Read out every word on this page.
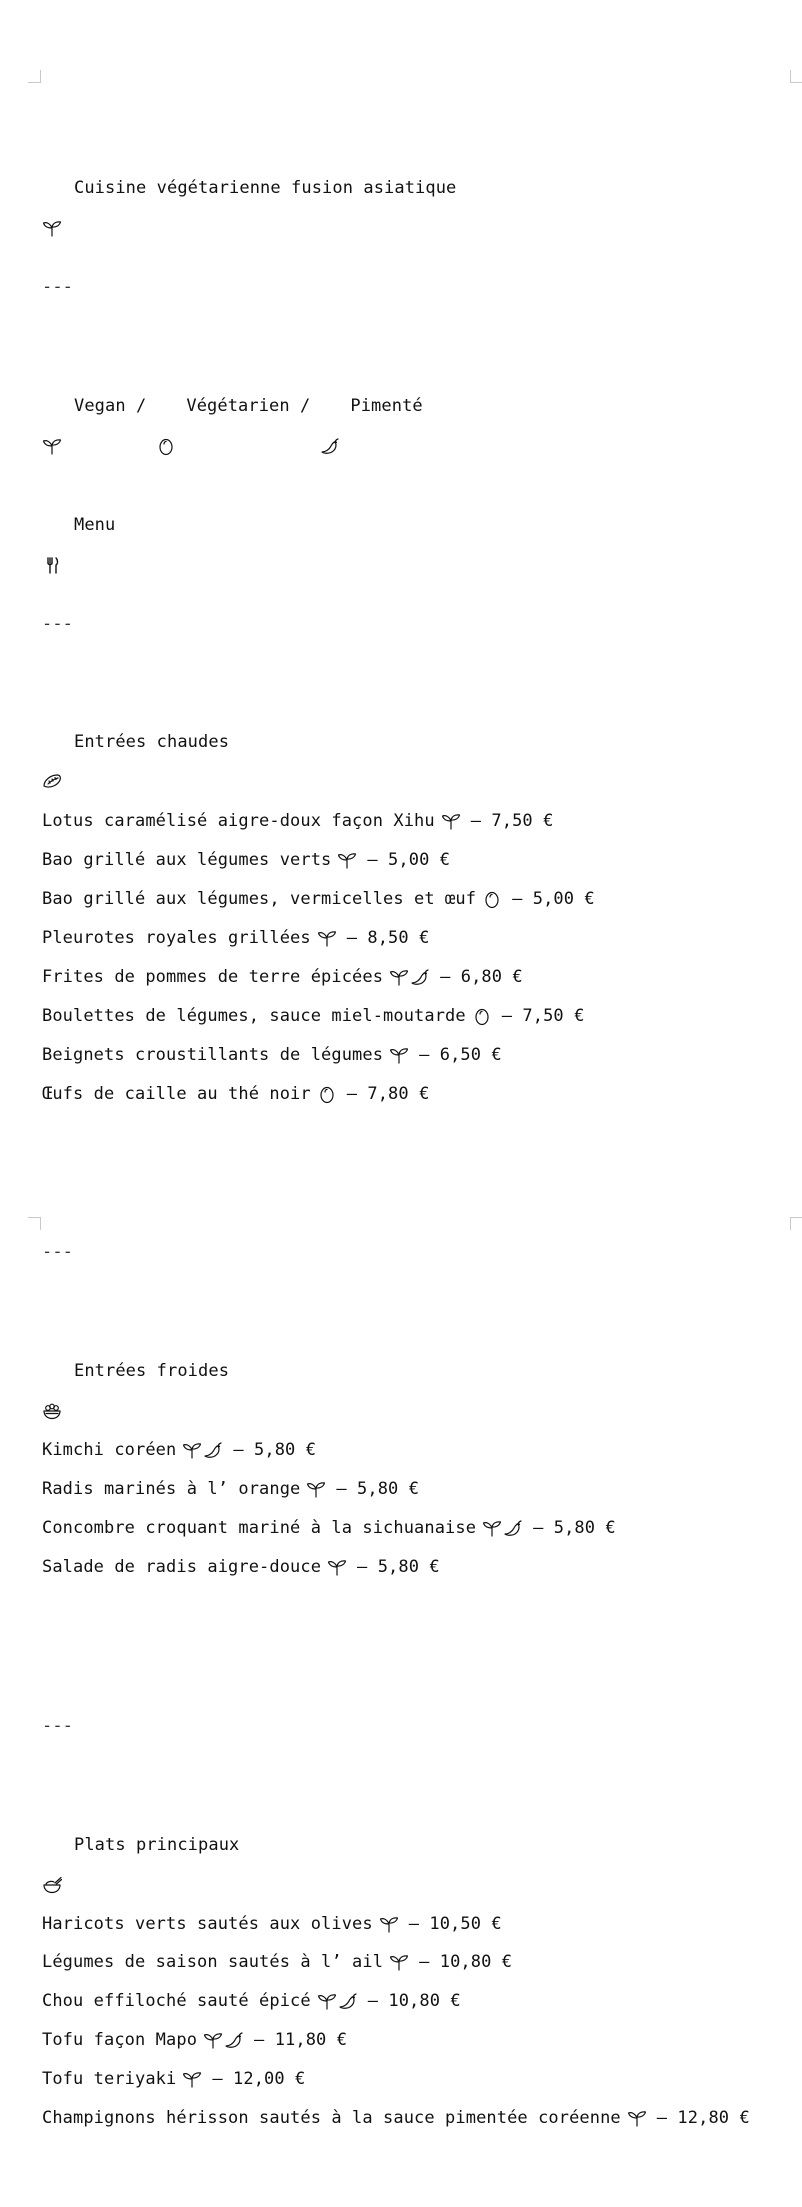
Cuisine végétarienne fusion asiatique

---

Vegan /

Végétarien /

Pimenté

Menu

---

Entrées chaudes

Lotus caramélisé aigre-doux façon Xihu – 7,50 €
Bao grillé aux légumes verts – 5,00 €
Bao grillé aux légumes, vermicelles et œuf – 5,00 €
Pleurotes royales grillées – 8,50 €
Frites de pommes de terre épicées	– 6,80 €
Boulettes de légumes, sauce miel-moutarde – 7,50 €
Beignets croustillants de légumes – 6,50 €
Œufs de caille au thé noir – 7,80 €

---

Entrées froides

Kimchi coréen	– 5,80 €
Radis marinés à l’ orange – 5,80 €
Concombre croquant mariné à la sichuanaise	– 5,80 €
Salade de radis aigre-douce – 5,80 €

---

Plats principaux

Haricots verts sautés aux olives – 10,50 €
Légumes de saison sautés à l’ ail – 10,80 €
Chou effiloché sauté épicé	– 10,80 €
Tofu façon Mapo	– 11,80 €
Tofu teriyaki – 12,00 €
Champignons hérisson sautés à la sauce pimentée coréenne – 12,80 €
